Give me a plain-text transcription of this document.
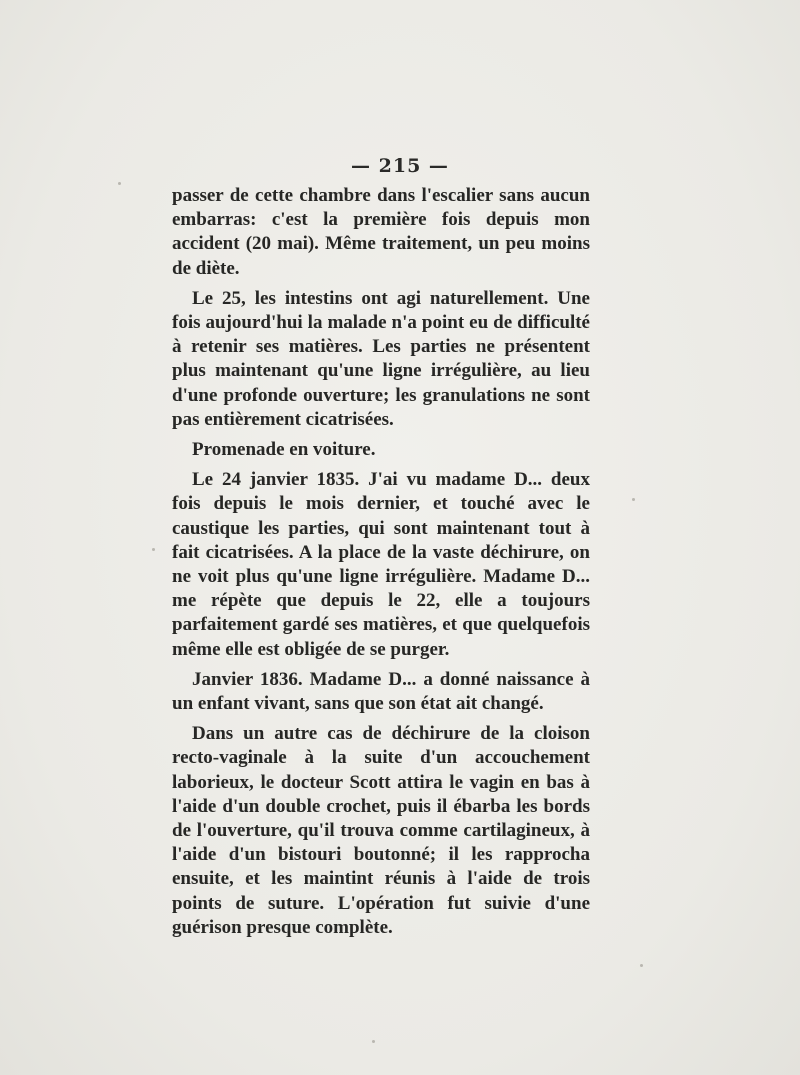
— 215 —

passer de cette chambre dans l'escalier sans aucun embarras: c'est la première fois depuis mon accident (20 mai). Même traitement, un peu moins de diète.

Le 25, les intestins ont agi naturellement. Une fois aujourd'hui la malade n'a point eu de difficulté à retenir ses matières. Les parties ne présentent plus maintenant qu'une ligne irrégulière, au lieu d'une profonde ouverture; les granulations ne sont pas entièrement cicatrisées.

Promenade en voiture.

Le 24 janvier 1835. J'ai vu madame D... deux fois depuis le mois dernier, et touché avec le caustique les parties, qui sont maintenant tout à fait cicatrisées. A la place de la vaste déchirure, on ne voit plus qu'une ligne irrégulière. Madame D... me répète que depuis le 22, elle a toujours parfaitement gardé ses matières, et que quelquefois même elle est obligée de se purger.

Janvier 1836. Madame D... a donné naissance à un enfant vivant, sans que son état ait changé.

Dans un autre cas de déchirure de la cloison recto-vaginale à la suite d'un accouchement laborieux, le docteur Scott attira le vagin en bas à l'aide d'un double crochet, puis il ébarba les bords de l'ouverture, qu'il trouva comme cartilagineux, à l'aide d'un bistouri boutonné; il les rapprocha ensuite, et les maintint réunis à l'aide de trois points de suture. L'opération fut suivie d'une guérison presque complète.
